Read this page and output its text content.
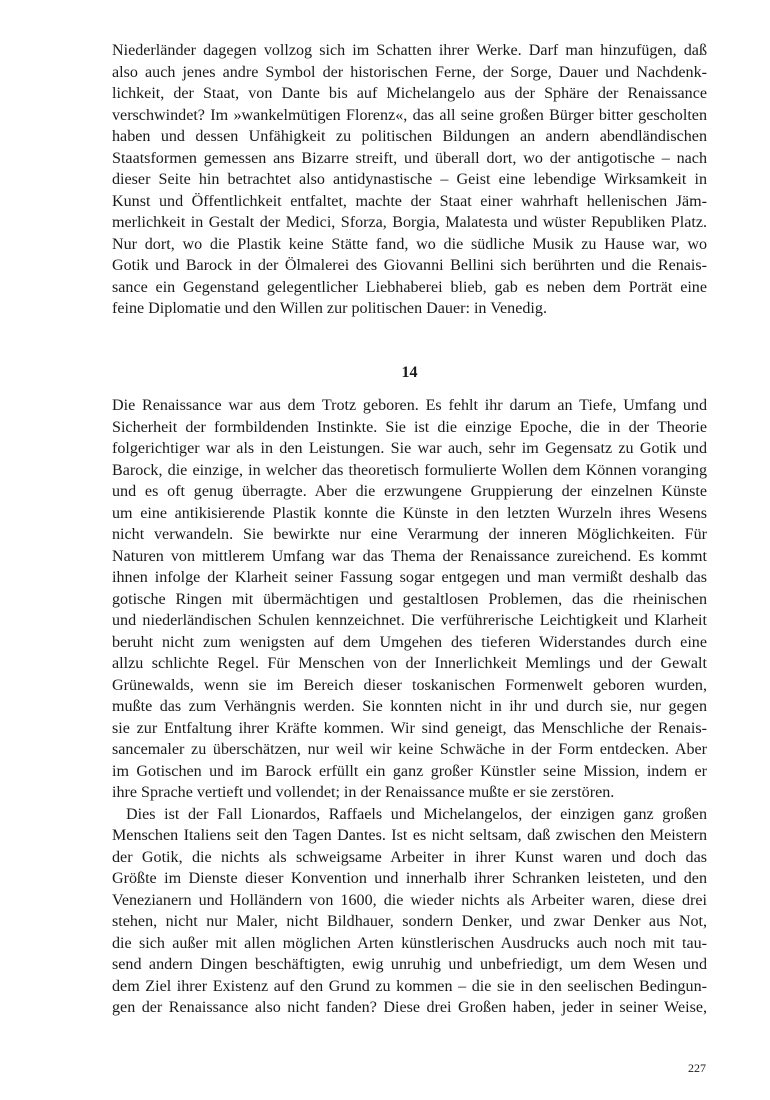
Niederländer dagegen vollzog sich im Schatten ihrer Werke. Darf man hinzufügen, daß
also auch jenes andre Symbol der historischen Ferne, der Sorge, Dauer und Nachdenk-
lichkeit, der Staat, von Dante bis auf Michelangelo aus der Sphäre der Renaissance
verschwindet? Im »wankelmütigen Florenz«, das all seine großen Bürger bitter gescholten
haben und dessen Unfähigkeit zu politischen Bildungen an andern abendländischen
Staatsformen gemessen ans Bizarre streift, und überall dort, wo der antigotische – nach
dieser Seite hin betrachtet also antidynastische – Geist eine lebendige Wirksamkeit in
Kunst und Öffentlichkeit entfaltet, machte der Staat einer wahrhaft hellenischen Jäm-
merlichkeit in Gestalt der Medici, Sforza, Borgia, Malatesta und wüster Republiken Platz.
Nur dort, wo die Plastik keine Stätte fand, wo die südliche Musik zu Hause war, wo
Gotik und Barock in der Ölmalerei des Giovanni Bellini sich berührten und die Renais-
sance ein Gegenstand gelegentlicher Liebhaberei blieb, gab es neben dem Porträt eine
feine Diplomatie und den Willen zur politischen Dauer: in Venedig.
14
Die Renaissance war aus dem Trotz geboren. Es fehlt ihr darum an Tiefe, Umfang und
Sicherheit der formbildenden Instinkte. Sie ist die einzige Epoche, die in der Theorie
folgerichtiger war als in den Leistungen. Sie war auch, sehr im Gegensatz zu Gotik und
Barock, die einzige, in welcher das theoretisch formulierte Wollen dem Können voranging
und es oft genug überragte. Aber die erzwungene Gruppierung der einzelnen Künste
um eine antikisierende Plastik konnte die Künste in den letzten Wurzeln ihres Wesens
nicht verwandeln. Sie bewirkte nur eine Verarmung der inneren Möglichkeiten. Für
Naturen von mittlerem Umfang war das Thema der Renaissance zureichend. Es kommt
ihnen infolge der Klarheit seiner Fassung sogar entgegen und man vermißt deshalb das
gotische Ringen mit übermächtigen und gestaltlosen Problemen, das die rheinischen
und niederländischen Schulen kennzeichnet. Die verführerische Leichtigkeit und Klarheit
beruht nicht zum wenigsten auf dem Umgehen des tieferen Widerstandes durch eine
allzu schlichte Regel. Für Menschen von der Innerlichkeit Memlings und der Gewalt
Grünewalds, wenn sie im Bereich dieser toskanischen Formenwelt geboren wurden,
mußte das zum Verhängnis werden. Sie konnten nicht in ihr und durch sie, nur gegen
sie zur Entfaltung ihrer Kräfte kommen. Wir sind geneigt, das Menschliche der Renais-
sancemaler zu überschätzen, nur weil wir keine Schwäche in der Form entdecken. Aber
im Gotischen und im Barock erfüllt ein ganz großer Künstler seine Mission, indem er
ihre Sprache vertieft und vollendet; in der Renaissance mußte er sie zerstören.
Dies ist der Fall Lionardos, Raffaels und Michelangelos, der einzigen ganz großen
Menschen Italiens seit den Tagen Dantes. Ist es nicht seltsam, daß zwischen den Meistern
der Gotik, die nichts als schweigsame Arbeiter in ihrer Kunst waren und doch das
Größte im Dienste dieser Konvention und innerhalb ihrer Schranken leisteten, und den
Venezianern und Holländern von 1600, die wieder nichts als Arbeiter waren, diese drei
stehen, nicht nur Maler, nicht Bildhauer, sondern Denker, und zwar Denker aus Not,
die sich außer mit allen möglichen Arten künstlerischen Ausdrucks auch noch mit tau-
send andern Dingen beschäftigten, ewig unruhig und unbefriedigt, um dem Wesen und
dem Ziel ihrer Existenz auf den Grund zu kommen – die sie in den seelischen Bedingun-
gen der Renaissance also nicht fanden? Diese drei Großen haben, jeder in seiner Weise,
227
